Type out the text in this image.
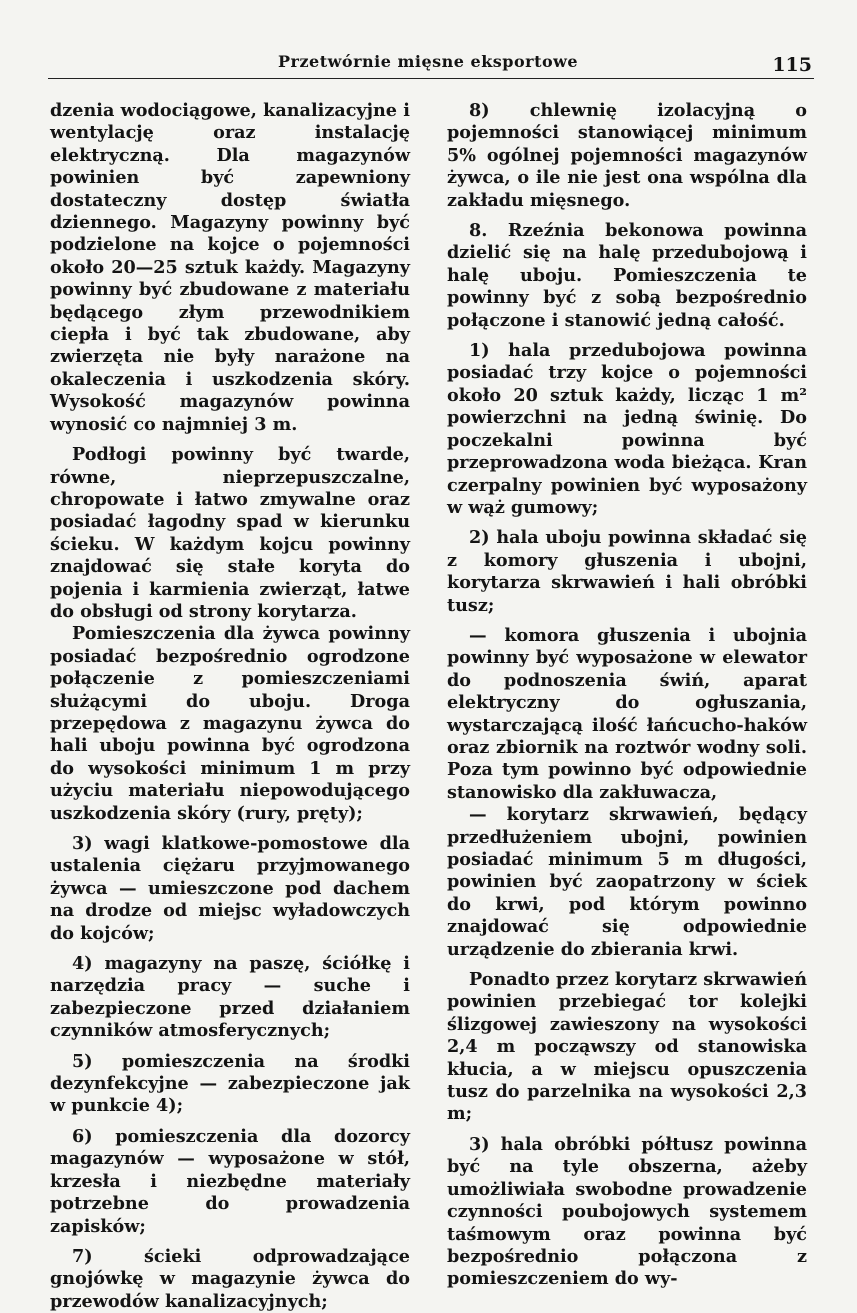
Przetwórnie mięsne eksportowe	115

dzenia wodociągowe, kanalizacyjne i wentylację oraz instalację elektryczną. Dla magazynów powinien być zapewniony dostateczny dostęp światła dziennego. Magazyny powinny być podzielone na kojce o pojemności około 20—25 sztuk każdy. Magazyny powinny być zbudowane z materiału będącego złym przewodnikiem ciepła i być tak zbudowane, aby zwierzęta nie były narażone na okaleczenia i uszkodzenia skóry. Wysokość magazynów powinna wynosić co najmniej 3 m.

Podłogi powinny być twarde, równe, nieprzepuszczalne, chropowate i łatwo zmywalne oraz posiadać łagodny spad w kierunku ścieku. W każdym kojcu powinny znajdować się stałe koryta do pojenia i karmienia zwierząt, łatwe do obsługi od strony korytarza.

Pomieszczenia dla żywca powinny posiadać bezpośrednio ogrodzone połączenie z pomieszczeniami służącymi do uboju. Droga przepędowa z magazynu żywca do hali uboju powinna być ogrodzona do wysokości minimum 1 m przy użyciu materiału niepowodującego uszkodzenia skóry (rury, pręty);

3) wagi klatkowe-pomostowe dla ustalenia ciężaru przyjmowanego żywca — umieszczone pod dachem na drodze od miejsc wyładowczych do kojców;

4) magazyny na paszę, ściółkę i narzędzia pracy — suche i zabezpieczone przed działaniem czynników atmosferycznych;

5) pomieszczenia na środki dezynfekcyjne — zabezpieczone jak w punkcie 4);

6) pomieszczenia dla dozorcy magazynów — wyposażone w stół, krzesła i niezbędne materiały potrzebne do prowadzenia zapisków;

7) ścieki odprowadzające gnojówkę w magazynie żywca do przewodów kanalizacyjnych;

8) chlewnię izolacyjną o pojemności stanowiącej minimum 5% ogólnej pojemności magazynów żywca, o ile nie jest ona wspólna dla zakładu mięsnego.

8. Rzeźnia bekonowa powinna dzielić się na halę przedubojową i halę uboju. Pomieszczenia te powinny być z sobą bezpośrednio połączone i stanowić jedną całość.

1) hala przedubojowa powinna posiadać trzy kojce o pojemności około 20 sztuk każdy, licząc 1 m² powierzchni na jedną świnię. Do poczekalni powinna być przeprowadzona woda bieżąca. Kran czerpalny powinien być wyposażony w wąż gumowy;

2) hala uboju powinna składać się z komory głuszenia i ubojni, korytarza skrwawień i hali obróbki tusz;

— komora głuszenia i ubojnia powinny być wyposażone w elewator do podnoszenia świń, aparat elektryczny do ogłuszania, wystarczającą ilość łańcucho-haków oraz zbiornik na roztwór wodny soli. Poza tym powinno być odpowiednie stanowisko dla zakłuwacza,

— korytarz skrwawień, będący przedłużeniem ubojni, powinien posiadać minimum 5 m długości, powinien być zaopatrzony w ściek do krwi, pod którym powinno znajdować się odpowiednie urządzenie do zbierania krwi.

Ponadto przez korytarz skrwawień powinien przebiegać tor kolejki ślizgowej zawieszony na wysokości 2,4 m począwszy od stanowiska kłucia, a w miejscu opuszczenia tusz do parzelnika na wysokości 2,3 m;

3) hala obróbki półtusz powinna być na tyle obszerna, ażeby umożliwiała swobodne prowadzenie czynności poubojowych systemem taśmowym oraz powinna być bezpośrednio połączona z pomieszczeniem do wy-
